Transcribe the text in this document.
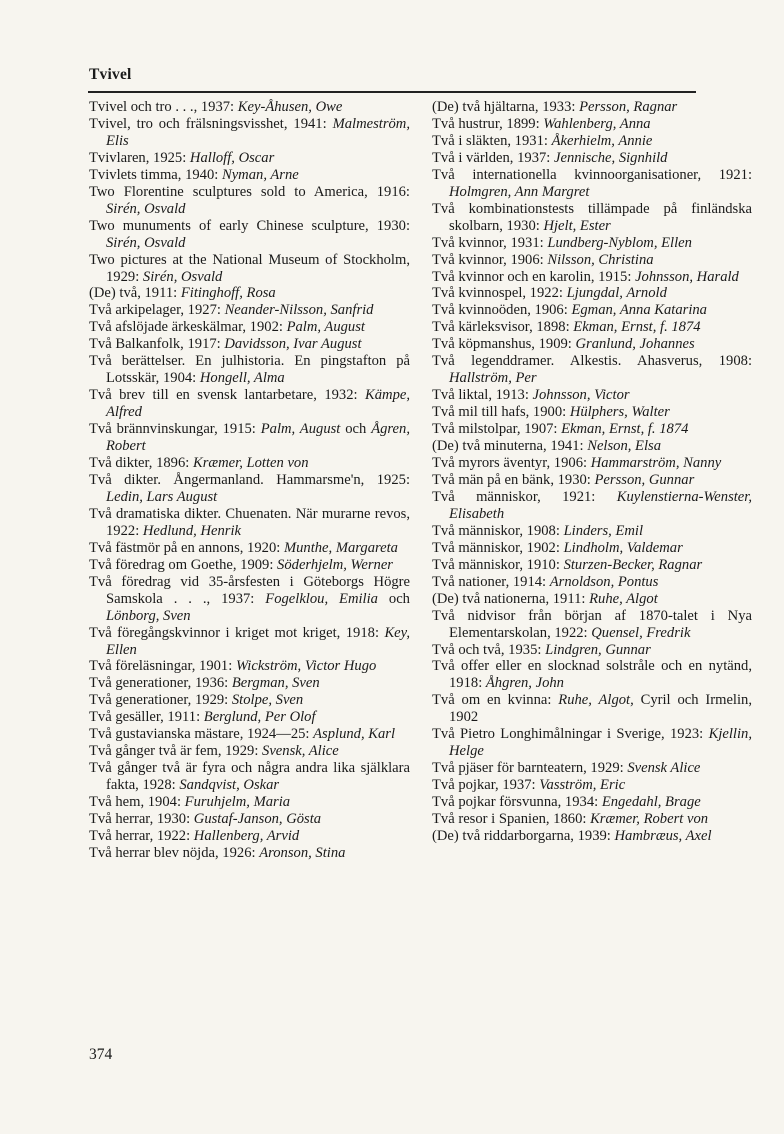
Tvivel

Tvivel och tro . . ., 1937: Key-Åhusen, Owe

Tvivel, tro och frälsningsvisshet, 1941: Malmeström, Elis

Tvivlaren, 1925: Halloff, Oscar

Tvivlets timma, 1940: Nyman, Arne

Two Florentine sculptures sold to America, 1916: Sirén, Osvald

Two munuments of early Chinese sculpture, 1930: Sirén, Osvald

Two pictures at the National Museum of Stockholm, 1929: Sirén, Osvald

(De) två, 1911: Fitinghoff, Rosa

Två arkipelager, 1927: Neander-Nilsson, Sanfrid

Två afslöjade ärkeskälmar, 1902: Palm, August

Två Balkanfolk, 1917: Davidsson, Ivar August

Två berättelser. En julhistoria. En pingstafton på Lotsskär, 1904: Hongell, Alma

Två brev till en svensk lantarbetare, 1932: Kämpe, Alfred

Två brännvinskungar, 1915: Palm, August och Ågren, Robert

Två dikter, 1896: Kræmer, Lotten von

Två dikter. Ångermanland. Hammarsme'n, 1925: Ledin, Lars August

Två dramatiska dikter. Chuenaten. När murarne revos, 1922: Hedlund, Henrik

Två fästmör på en annons, 1920: Munthe, Margareta

Två föredrag om Goethe, 1909: Söderhjelm, Werner

Två föredrag vid 35-årsfesten i Göteborgs Högre Samskola . . ., 1937: Fogelklou, Emilia och Lönborg, Sven

Två föregångskvinnor i kriget mot kriget, 1918: Key, Ellen

Två föreläsningar, 1901: Wickström, Victor Hugo

Två generationer, 1936: Bergman, Sven

Två generationer, 1929: Stolpe, Sven

Två gesäller, 1911: Berglund, Per Olof

Två gustavianska mästare, 1924—25: Asplund, Karl

Två gånger två är fem, 1929: Svensk, Alice

Två gånger två är fyra och några andra lika själklara fakta, 1928: Sandqvist, Oskar

Två hem, 1904: Furuhjelm, Maria

Två herrar, 1930: Gustaf-Janson, Gösta

Två herrar, 1922: Hallenberg, Arvid

Två herrar blev nöjda, 1926: Aronson, Stina

(De) två hjältarna, 1933: Persson, Ragnar

Två hustrur, 1899: Wahlenberg, Anna

Två i släkten, 1931: Åkerhielm, Annie

Två i världen, 1937: Jennische, Signhild

Två internationella kvinnoorganisationer, 1921: Holmgren, Ann Margret

Två kombinationstests tillämpade på finländska skolbarn, 1930: Hjelt, Ester

Två kvinnor, 1931: Lundberg-Nyblom, Ellen

Två kvinnor, 1906: Nilsson, Christina

Två kvinnor och en karolin, 1915: Johnsson, Harald

Två kvinnospel, 1922: Ljungdal, Arnold

Två kvinnoöden, 1906: Egman, Anna Katarina

Två kärleksvisor, 1898: Ekman, Ernst, f. 1874

Två köpmanshus, 1909: Granlund, Johannes

Två legenddramer. Alkestis. Ahasverus, 1908: Hallström, Per

Två liktal, 1913: Johnsson, Victor

Två mil till hafs, 1900: Hülphers, Walter

Två milstolpar, 1907: Ekman, Ernst, f. 1874

(De) två minuterna, 1941: Nelson, Elsa

Två myrors äventyr, 1906: Hammarström, Nanny

Två män på en bänk, 1930: Persson, Gunnar

Två människor, 1921: Kuylenstierna-Wenster, Elisabeth

Två människor, 1908: Linders, Emil

Två människor, 1902: Lindholm, Valdemar

Två människor, 1910: Sturzen-Becker, Ragnar

Två nationer, 1914: Arnoldson, Pontus

(De) två nationerna, 1911: Ruhe, Algot

Två nidvisor från början af 1870-talet i Nya Elementarskolan, 1922: Quensel, Fredrik

Två och två, 1935: Lindgren, Gunnar

Två offer eller en slocknad solstråle och en nytänd, 1918: Åhgren, John

Två om en kvinna: Ruhe, Algot, Cyril och Irmelin, 1902

Två Pietro Longhimålningar i Sverige, 1923: Kjellin, Helge

Två pjäser för barnteatern, 1929: Svensk Alice

Två pojkar, 1937: Vasström, Eric

Två pojkar försvunna, 1934: Engedahl, Brage

Två resor i Spanien, 1860: Kræmer, Robert von

(De) två riddarborgarna, 1939: Hambræus, Axel

374
